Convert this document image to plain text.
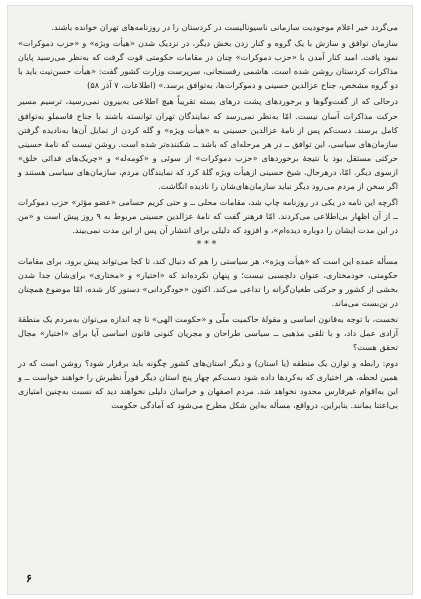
می‌گردد خیر اعلام موجودیت سازمانی ناسیونالیست در کردستان را در روزنامه‌های تهران خوانده باشند.

سازمان توافق و سازش با یک گروه و کنار زدن بخش دیگر، در نزدیک شدن «هیأت ویژه» و «حزب دموکرات» نمود یافت. امید کنار آمدن با «حزب دموکرات» چنان در مقامات حکومتی قوت گرفت که به‌نظر می‌رسید پایان مذاکرات کردستان روشن شده است. هاشمی رفسنجانی، سرپرست وزارت کشور گفت: «هیأت حسن‌نیت باید با دو گروه مشخص، جناح عزالدین حسینی و دموکرات‌ها، به‌توافق برسد.» (اطلاعات، ۷ آذر ۵۸)

درحالی که از گفت‌وگوها و برخوردهای پشت درهای بسته تقریباً هیچ اطلاعی به‌بیرون نمی‌رسید، ترسیم مسیر حرکت مذاکرات آسان نیست. امّا به‌نظر نمی‌رسد که نمایندگان تهران توانسته باشند با جناح قاسملو به‌توافق کامل برسند. دست‌کم پس از نامهٔ عزالدین حسینی به «هیأت ویژه» و گله کردن از تمایل آن‌ها به‌نادیده گرفتن سازمان‌های سیاسی، این توافق ــ در هر مرحله‌ای که باشد ــ شکننده‌تر شده است. روشن نیست که نامهٔ حسینی حرکتی مستقل بود یا نتیجهٔ برخوردهای «حزب دموکرات» از سوئی و «کومه‌له» و «چریک‌های فدائی خلق» ازسوی دیگر. امّا، درهرحال، شیخ حسینی ازهیأت ویژه گلهٔ کرد که نمایندگان مردم، سازمان‌های سیاسی هستند و اگر سخن از مردم می‌رود دیگر نباید سازمان‌های‌شان را نادیده انگاشت.

اگرچه این نامه در یکی در روزنامه چاپ شد، مقامات محلی ــ و حتی کریم حسامی «عضو مؤثر» حزب دموکرات ــ از آن اظهار بی‌اطلاعی می‌کردند. امّا فرهنر گفت که نامهٔ عزالدین حسینی مربوط به ۹ روز پیش است و «من در این مدت ایشان را دوباره دیده‌ام»، و افزود که دلیلی برای انتشار آن پس از این مدت نمی‌بیند.

***

مسأله عمده این است که «هیأت ویژه»، هر سیاستی را هم که دنبال کند، تا کجا می‌تواند پیش برود. برای مقامات حکومتی، خودمختاری، عنوان دلچسبی نیست؛ و پنهان نکرده‌اند که «اختیار» و «مختاری» برای‌شان جدا شدن بخشی از کشور و حرکتی طغیان‌گرانه را تداعی می‌کند. اکنون «خودگردانی» دستور کار شده، امّا موضوع همچنان در بن‌بست می‌ماند.

نخست، با توجه به‌قانون اساسی و مقولهٔ حاکمیت ملّی و «حکومت الهی» تا چه اندازه می‌توان به‌مردم یک منطقهٔ آزادی عمل داد، و با تلقی مذهبی ــ سیاسی طراحان و مجریان کنونی قانون اساسی آیا برای «اختیار» مجال تحقق هست؟

دوم: رابطه و توازن یک منطقه (یا استان) و دیگر استان‌های کشور چگونه باید برقرار شود؟ روشن است که در همین لحظه، هر اختیاری که به‌کردها داده شود دست‌کم چهار پنج استان دیگر فوراً نظیرش را خواهند خواست ــ و این به‌اقوام غیرفارس محدود نخواهد شد. مردم اصفهان و خراسان دلیلی نخواهند دید که نسبت به‌چنین امتیازی بی‌اعتنا بمانند. بنابراین، درواقع، مسأله به‌این شکل مطرح می‌شود که آمادگی حکومت

۶
